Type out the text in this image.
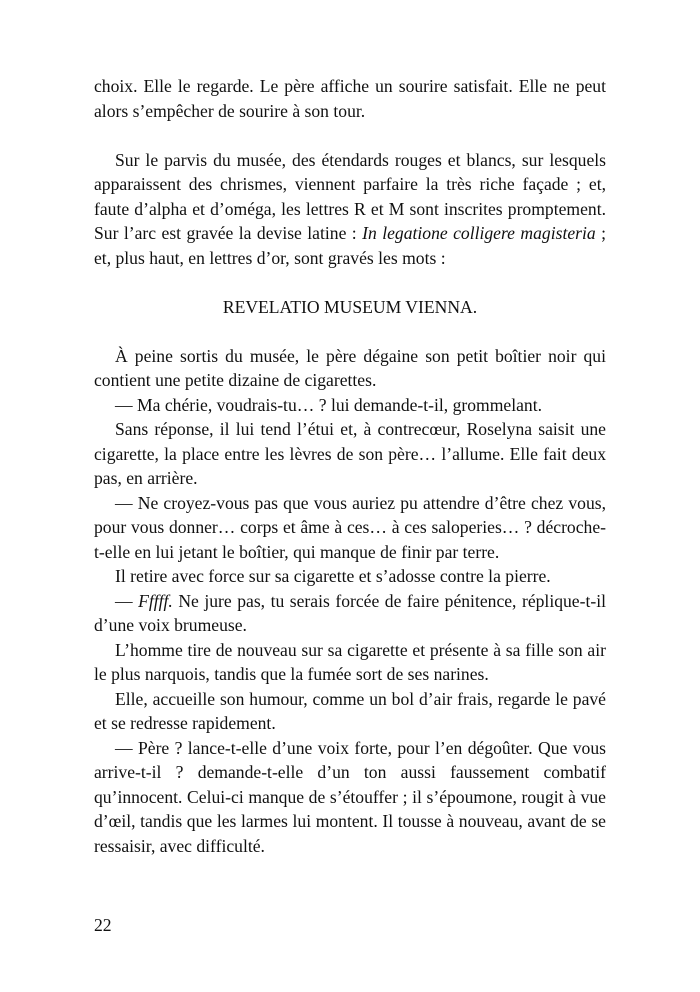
choix. Elle le regarde. Le père affiche un sourire satisfait. Elle ne peut alors s’empêcher de sourire à son tour.

Sur le parvis du musée, des étendards rouges et blancs, sur lesquels apparaissent des chrismes, viennent parfaire la très riche façade ; et, faute d’alpha et d’oméga, les lettres R et M sont inscrites promptement. Sur l’arc est gravée la devise latine : In legatione colligere magisteria ; et, plus haut, en lettres d’or, sont gravés les mots :

REVELATIO MUSEUM VIENNA.

À peine sortis du musée, le père dégaine son petit boîtier noir qui contient une petite dizaine de cigarettes.

— Ma chérie, voudrais-tu… ? lui demande-t-il, grommelant.

Sans réponse, il lui tend l’étui et, à contrecœur, Roselyna saisit une cigarette, la place entre les lèvres de son père… l’allume. Elle fait deux pas, en arrière.

— Ne croyez-vous pas que vous auriez pu attendre d’être chez vous, pour vous donner… corps et âme à ces… à ces saloperies… ? décroche-t-elle en lui jetant le boîtier, qui manque de finir par terre.

Il retire avec force sur sa cigarette et s’adosse contre la pierre.

— Fffff. Ne jure pas, tu serais forcée de faire pénitence, réplique-t-il d’une voix brumeuse.

L’homme tire de nouveau sur sa cigarette et présente à sa fille son air le plus narquois, tandis que la fumée sort de ses narines.

Elle, accueille son humour, comme un bol d’air frais, regarde le pavé et se redresse rapidement.

— Père ? lance-t-elle d’une voix forte, pour l’en dégoûter. Que vous arrive-t-il ? demande-t-elle d’un ton aussi faussement combatif qu’innocent. Celui-ci manque de s’étouffer ; il s’époumone, rougit à vue d’œil, tandis que les larmes lui montent. Il tousse à nouveau, avant de se ressaisir, avec difficulté.

22
